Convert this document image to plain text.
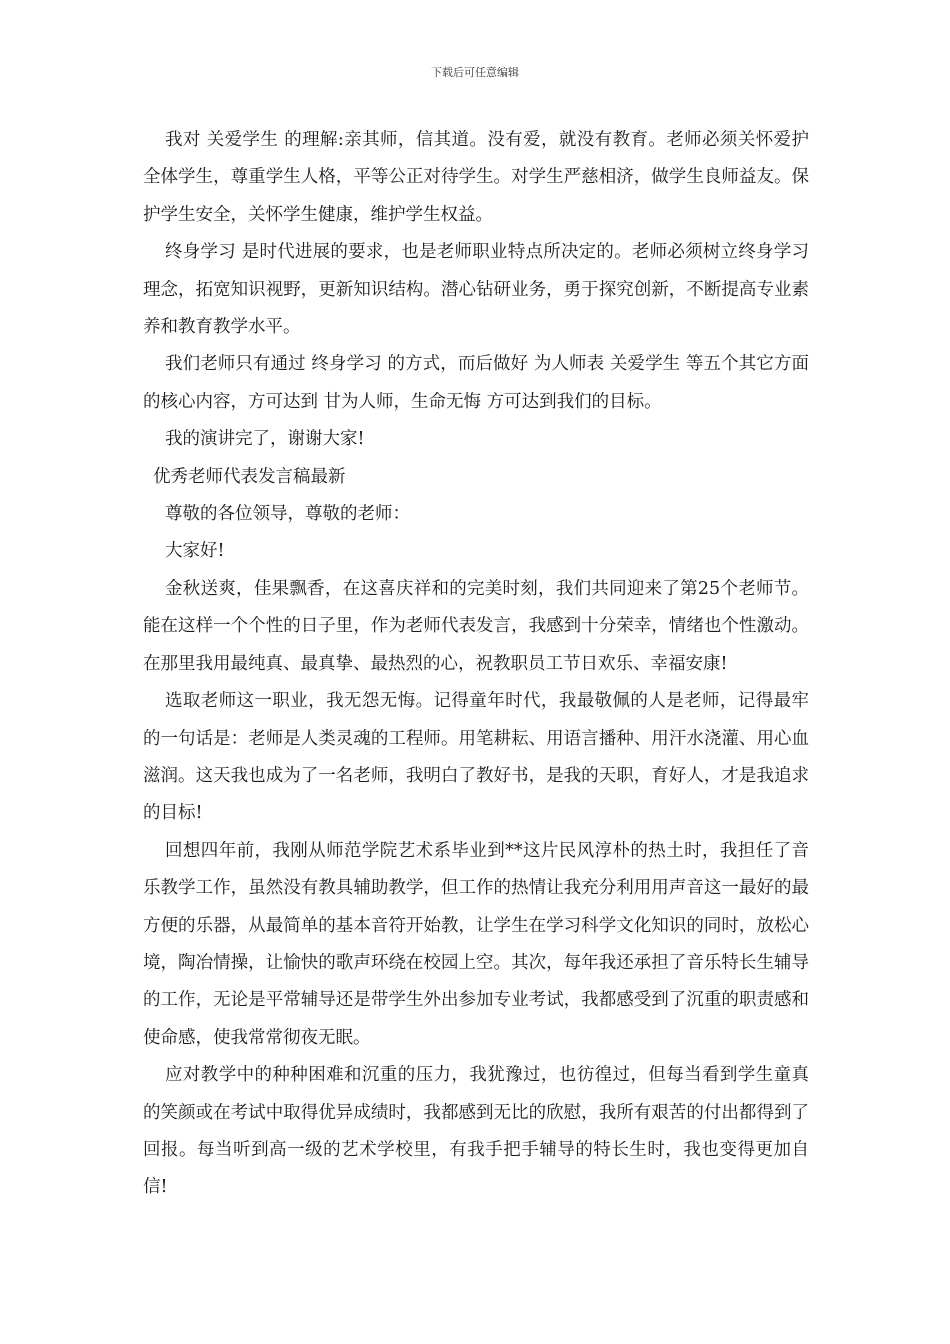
下载后可任意编辑

我对 关爱学生 的理解:亲其师，信其道。没有爱，就没有教育。老师必须关怀爱护全体学生，尊重学生人格，平等公正对待学生。对学生严慈相济，做学生良师益友。保护学生安全，关怀学生健康，维护学生权益。

终身学习 是时代进展的要求，也是老师职业特点所决定的。老师必须树立终身学习理念，拓宽知识视野，更新知识结构。潜心钻研业务，勇于探究创新，不断提高专业素养和教育教学水平。

我们老师只有通过 终身学习 的方式，而后做好 为人师表 关爱学生 等五个其它方面的核心内容，方可达到 甘为人师，生命无悔 方可达到我们的目标。

我的演讲完了，谢谢大家!

优秀老师代表发言稿最新

尊敬的各位领导，尊敬的老师：

大家好!

金秋送爽，佳果飘香，在这喜庆祥和的完美时刻，我们共同迎来了第25个老师节。能在这样一个个性的日子里，作为老师代表发言，我感到十分荣幸，情绪也个性激动。在那里我用最纯真、最真挚、最热烈的心，祝教职员工节日欢乐、幸福安康!

选取老师这一职业，我无怨无悔。记得童年时代，我最敬佩的人是老师，记得最牢的一句话是：老师是人类灵魂的工程师。用笔耕耘、用语言播种、用汗水浇灌、用心血滋润。这天我也成为了一名老师，我明白了教好书，是我的天职，育好人，才是我追求的目标!

回想四年前，我刚从师范学院艺术系毕业到**这片民风淳朴的热土时，我担任了音乐教学工作，虽然没有教具辅助教学，但工作的热情让我充分利用用声音这一最好的最方便的乐器，从最简单的基本音符开始教，让学生在学习科学文化知识的同时，放松心境，陶冶情操，让愉快的歌声环绕在校园上空。其次，每年我还承担了音乐特长生辅导的工作，无论是平常辅导还是带学生外出参加专业考试，我都感受到了沉重的职责感和使命感，使我常常彻夜无眠。

应对教学中的种种困难和沉重的压力，我犹豫过，也彷徨过，但每当看到学生童真的笑颜或在考试中取得优异成绩时，我都感到无比的欣慰，我所有艰苦的付出都得到了回报。每当听到高一级的艺术学校里，有我手把手辅导的特长生时，我也变得更加自信!
